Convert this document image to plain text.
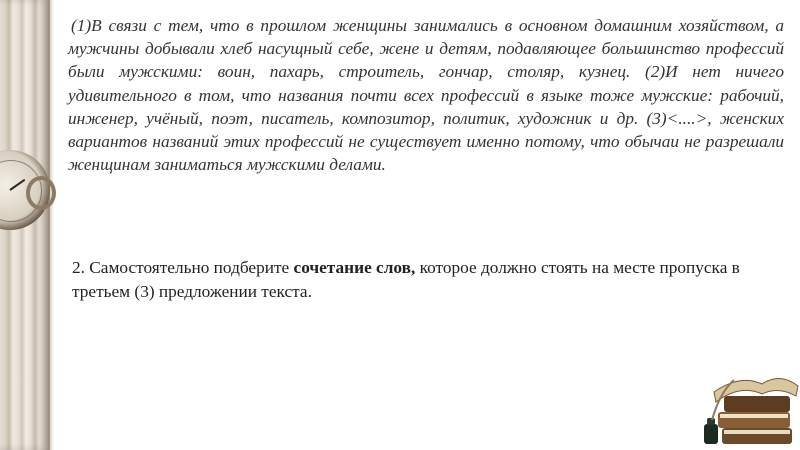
(1)В связи с тем, что в прошлом женщины занимались в основном домашним хозяйством, а мужчины добывали хлеб насущный себе, жене и детям, подавляющее большинство профессий были мужскими: воин, пахарь, строитель, гончар, столяр, кузнец. (2)И нет ничего удивительного в том, что названия почти всех профессий в языке тоже мужские: рабочий, инженер, учёный, поэт, писатель, композитор, политик, художник и др. (3)<....>, женских вариантов названий этих профессий не существует именно потому, что обычаи не разрешали женщинам заниматься мужскими делами.

2. Самостоятельно подберите сочетание слов, которое должно стоять на месте пропуска в третьем (3) предложении текста.
